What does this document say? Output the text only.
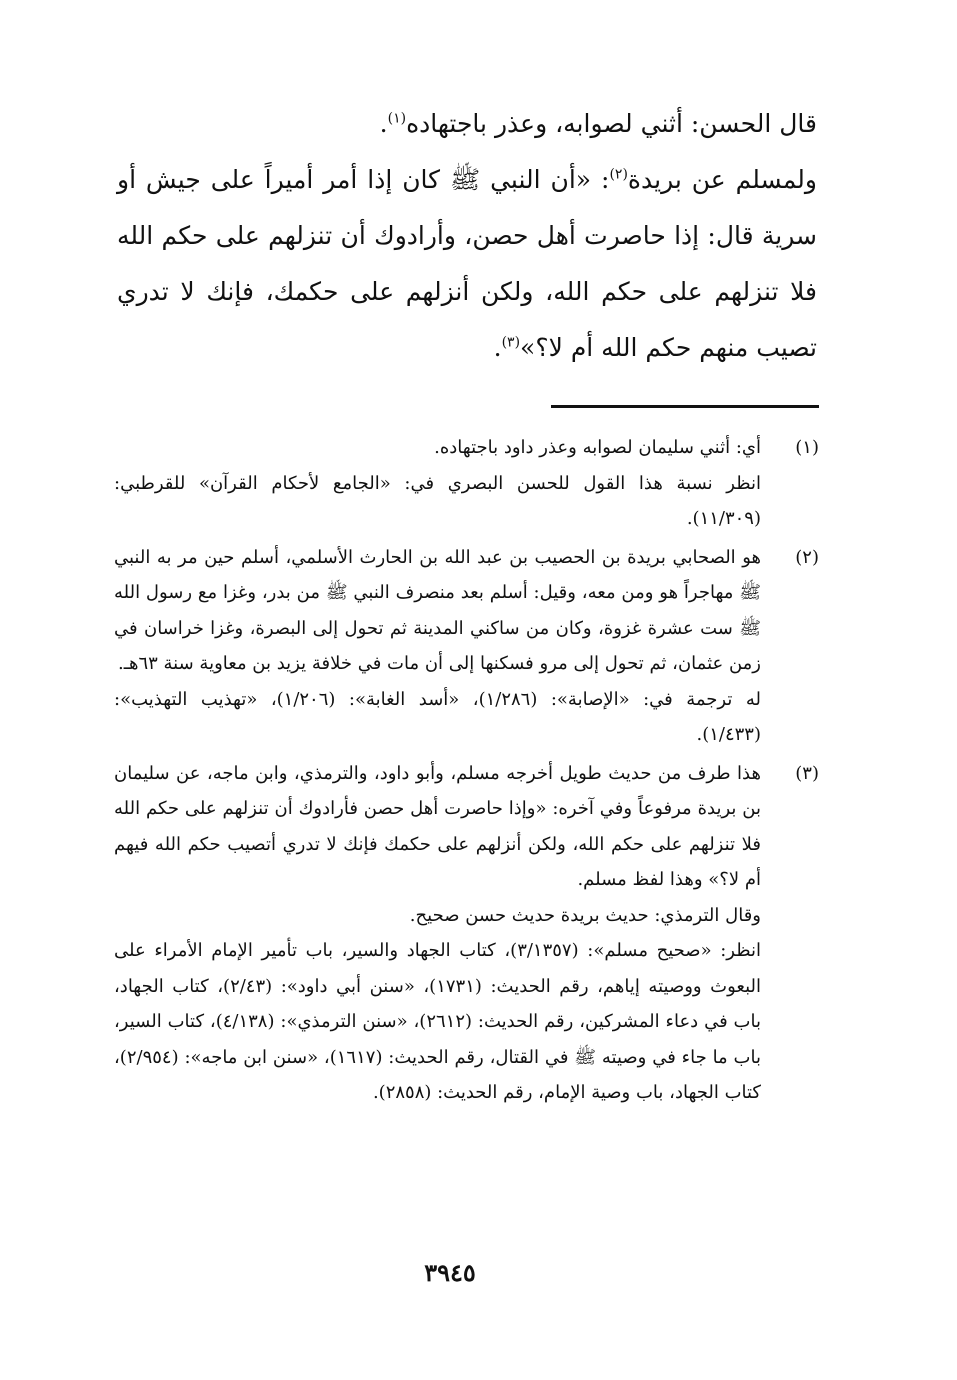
قال الحسن: أثني لصوابه، وعذر باجتهاده$^{(١)}$.

ولمسلم عن بريدة$^{(٢)}$: «أن النبي ﷺ كان إذا أمر أميراً على جيش أو سرية قال: إذا حاصرت أهل حصن، وأرادوك أن تنزلهم على حكم الله فلا تنزلهم على حكم الله، ولكن أنزلهم على حكمك، فإنك لا تدري تصيب منهم حكم الله أم لا؟»$^{(٣)}$.

(١)
أي: أثني سليمان لصوابه وعذر داود باجتهاده.
انظر نسبة هذا القول للحسن البصري في: «الجامع لأحكام القرآن» للقرطبي: (١١/٣٠٩).
(٢)
هو الصحابي بريدة بن الحصيب بن عبد الله بن الحارث الأسلمي، أسلم حين مر به النبي ﷺ مهاجراً هو ومن معه، وقيل: أسلم بعد منصرف النبي ﷺ من بدر، وغزا مع رسول الله ﷺ ست عشرة غزوة، وكان من ساكني المدينة ثم تحول إلى البصرة، وغزا خراسان في زمن عثمان، ثم تحول إلى مرو فسكنها إلى أن مات في خلافة يزيد بن معاوية سنة ٦٣هـ.
له ترجمة في: «الإصابة»: (١/٢٨٦)، «أسد الغابة»: (١/٢٠٦)، «تهذيب التهذيب»: (١/٤٣٣).
(٣)
هذا طرف من حديث طويل أخرجه مسلم، وأبو داود، والترمذي، وابن ماجه، عن سليمان بن بريدة مرفوعاً وفي آخره: «وإذا حاصرت أهل حصن فأرادوك أن تنزلهم على حكم الله فلا تنزلهم على حكم الله، ولكن أنزلهم على حكمك فإنك لا تدري أتصيب حكم الله فيهم أم لا؟» وهذا لفظ مسلم.
وقال الترمذي: حديث بريدة حديث حسن صحيح.
انظر: «صحيح مسلم»: (٣/١٣٥٧)، كتاب الجهاد والسير، باب تأمير الإمام الأمراء على البعوث ووصيته إياهم، رقم الحديث: (١٧٣١)، «سنن أبي داود»: (٢/٤٣)، كتاب الجهاد، باب في دعاء المشركين، رقم الحديث: (٢٦١٢)، «سنن الترمذي»: (٤/١٣٨)، كتاب السير، باب ما جاء في وصيته ﷺ في القتال، رقم الحديث: (١٦١٧)، «سنن ابن ماجه»: (٢/٩٥٤)، كتاب الجهاد، باب وصية الإمام، رقم الحديث: (٢٨٥٨).
٣٩٤٥
